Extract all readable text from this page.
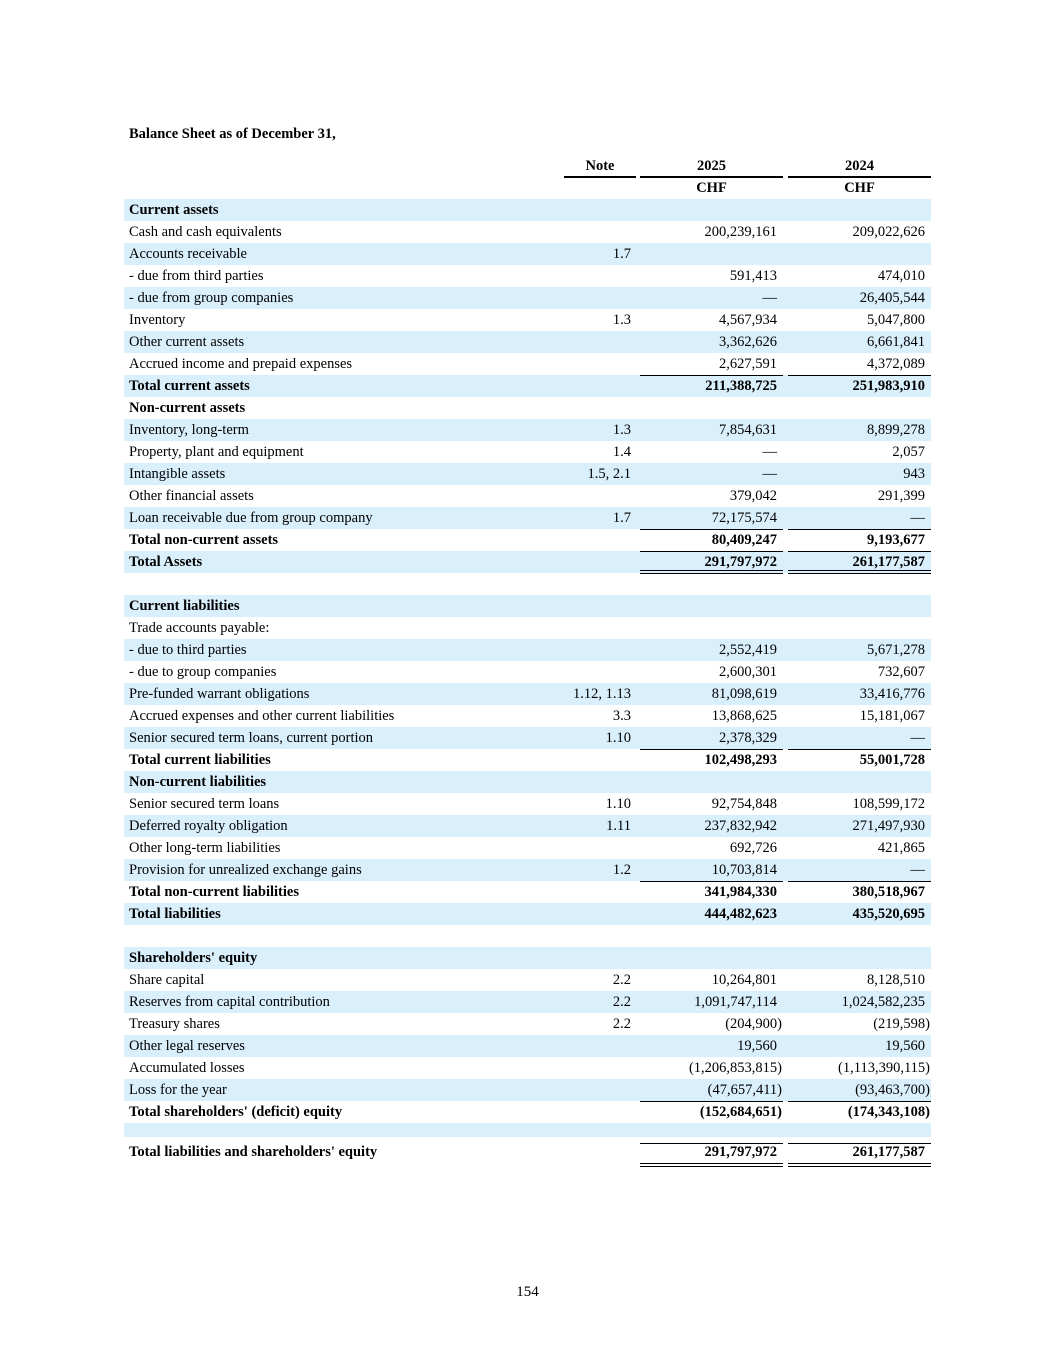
Balance Sheet as of December 31,
Note	2025	2024
CHF	CHF
Current assets
Cash and cash equivalents	200,239,161	209,022,626
Accounts receivable	1.7
- due from third parties	591,413	474,010
- due from group companies	—	26,405,544
Inventory	1.3	4,567,934	5,047,800
Other current assets	3,362,626	6,661,841
Accrued income and prepaid expenses	2,627,591	4,372,089
Total current assets	211,388,725	251,983,910
Non-current assets
Inventory, long-term	1.3	7,854,631	8,899,278
Property, plant and equipment	1.4	—	2,057
Intangible assets	1.5, 2.1	—	943
Other financial assets	379,042	291,399
Loan receivable due from group company	1.7	72,175,574	—
Total non-current assets	80,409,247	9,193,677
Total Assets	291,797,972	261,177,587
Current liabilities
Trade accounts payable:
- due to third parties	2,552,419	5,671,278
- due to group companies	2,600,301	732,607
Pre-funded warrant obligations	1.12, 1.13	81,098,619	33,416,776
Accrued expenses and other current liabilities	3.3	13,868,625	15,181,067
Senior secured term loans, current portion	1.10	2,378,329	—
Total current liabilities	102,498,293	55,001,728
Non-current liabilities
Senior secured term loans	1.10	92,754,848	108,599,172
Deferred royalty obligation	1.11	237,832,942	271,497,930
Other long-term liabilities	692,726	421,865
Provision for unrealized exchange gains	1.2	10,703,814	—
Total non-current liabilities	341,984,330	380,518,967
Total liabilities	444,482,623	435,520,695
Shareholders' equity
Share capital	2.2	10,264,801	8,128,510
Reserves from capital contribution	2.2	1,091,747,114	1,024,582,235
Treasury shares	2.2	(204,900)	(219,598)
Other legal reserves	19,560	19,560
Accumulated losses	(1,206,853,815)	(1,113,390,115)
Loss for the year	(47,657,411)	(93,463,700)
Total shareholders' (deficit) equity	(152,684,651)	(174,343,108)
Total liabilities and shareholders' equity	291,797,972	261,177,587
154
